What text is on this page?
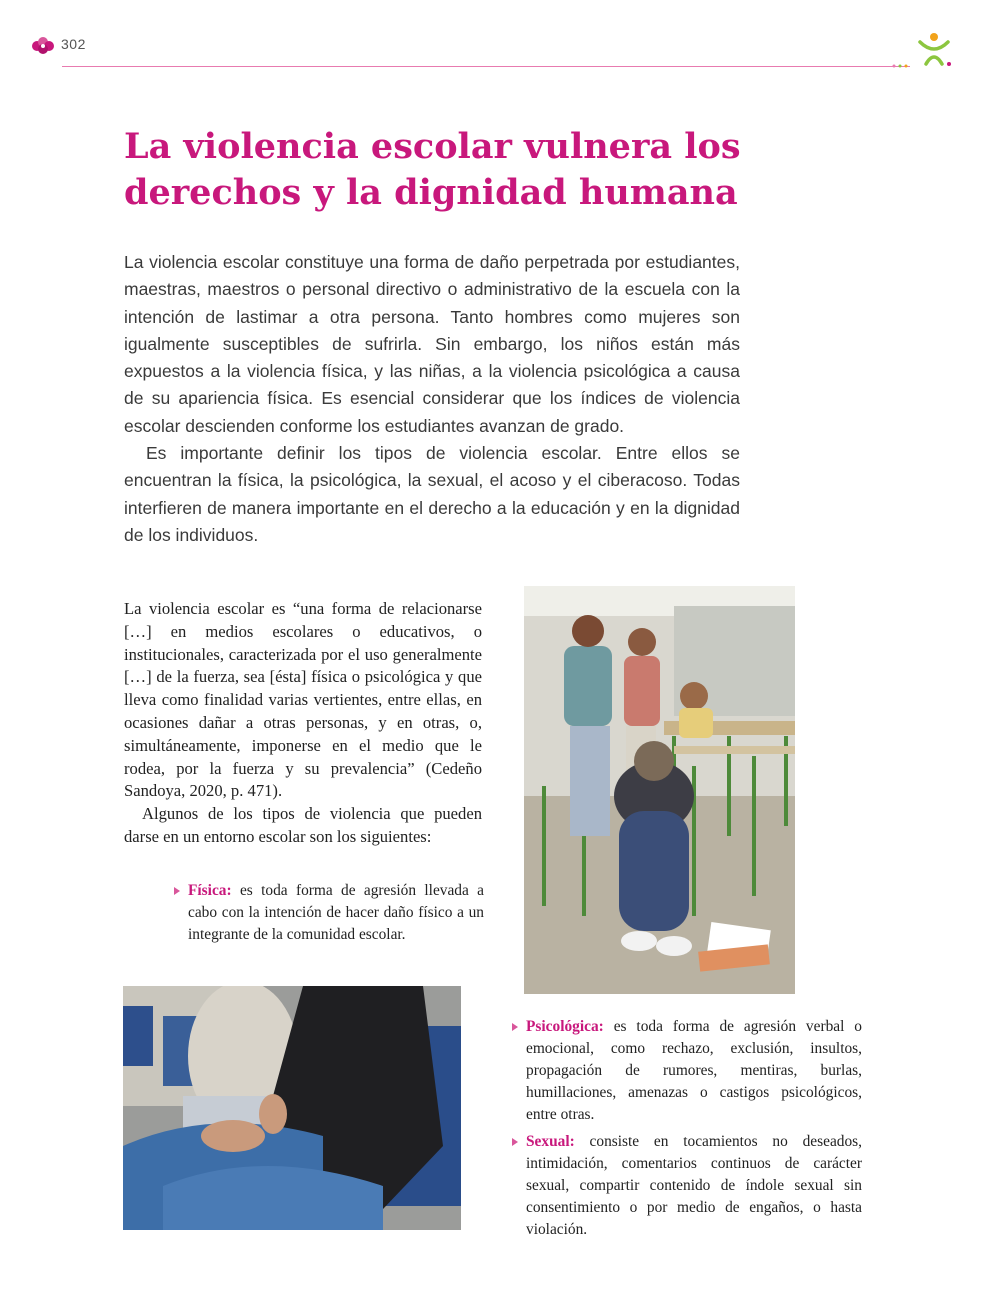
302
La violencia escolar vulnera los
derechos y la dignidad humana

La violencia escolar constituye una forma de daño perpetrada por estudiantes, maestras, maestros o personal directivo o administrativo de la escuela con la intención de lastimar a otra persona. Tanto hombres como mujeres son igualmente susceptibles de sufrirla. Sin embargo, los niños están más expuestos a la violencia física, y las niñas, a la violencia psicológica a causa de su apariencia física. Es esencial considerar que los índices de violencia escolar descienden conforme los estudiantes avanzan de grado.

Es importante definir los tipos de violencia escolar. Entre ellos se encuentran la física, la psicológica, la sexual, el acoso y el ciberacoso. Todas interfieren de manera importante en el derecho a la educación y en la dignidad de los individuos.

La violencia escolar es “una forma de relacionarse […] en medios escolares o educativos, o institucionales, caracterizada por el uso generalmente […] de la fuerza, sea [ésta] física o psicológica y que lleva como finalidad varias vertientes, entre ellas, en ocasiones dañar a otras personas, y en otras, o, simultáneamente, imponerse en el medio que le rodea, por la fuerza y su prevalencia” (Cedeño Sandoya, 2020, p. 471).

Algunos de los tipos de violencia que pueden darse en un entorno escolar son los siguientes:

Física: es toda forma de agresión llevada a cabo con la intención de hacer daño físico a un integrante de la comunidad escolar.
Psicológica: es toda forma de agresión verbal o emocional, como rechazo, exclusión, insultos, propagación de rumores, mentiras, burlas, humillaciones, amenazas o castigos psicológicos, entre otras.
Sexual: consiste en tocamientos no deseados, intimidación, comentarios continuos de carácter sexual, compartir contenido de índole sexual sin consentimiento o por medio de engaños, o hasta violación.
